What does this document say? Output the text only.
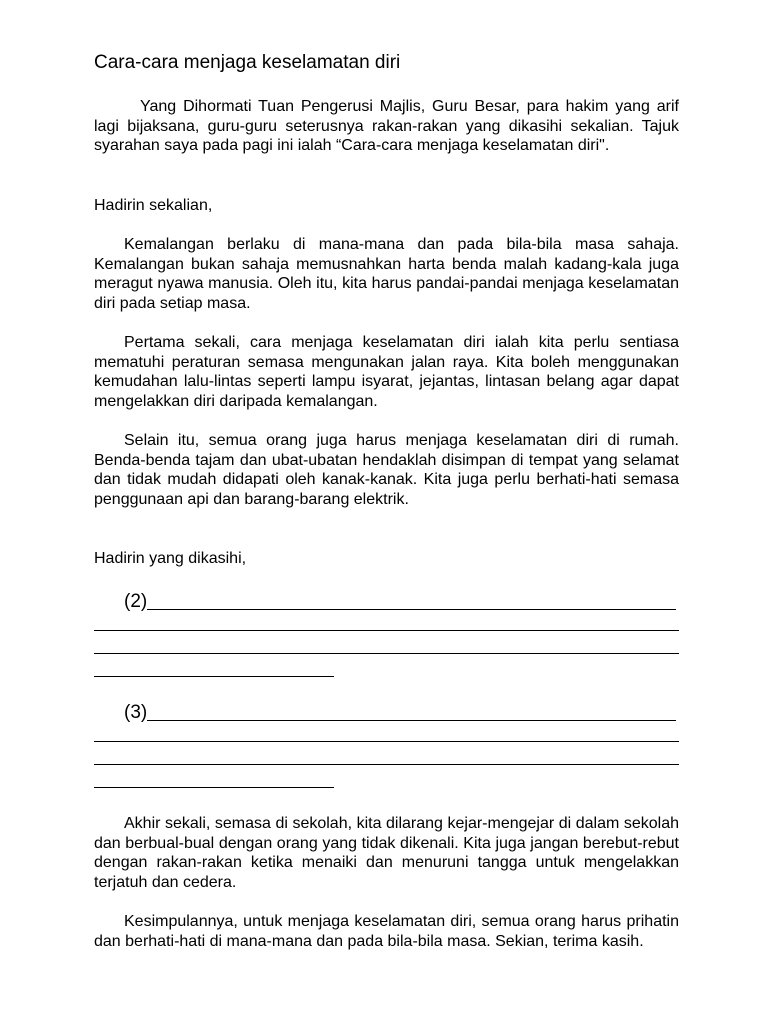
Cara-cara menjaga keselamatan diri

Yang Dihormati Tuan Pengerusi Majlis, Guru Besar, para hakim yang arif lagi bijaksana, guru-guru seterusnya rakan-rakan yang dikasihi sekalian. Tajuk syarahan saya pada pagi ini ialah “Cara-cara menjaga keselamatan diri".

Hadirin sekalian,

Kemalangan berlaku di mana-mana dan pada bila-bila masa sahaja. Kemalangan bukan sahaja memusnahkan harta benda malah kadang-kala juga meragut nyawa manusia. Oleh itu, kita harus pandai-pandai menjaga keselamatan diri pada setiap masa.

Pertama sekali, cara menjaga keselamatan diri ialah kita perlu sentiasa mematuhi peraturan semasa mengunakan jalan raya. Kita boleh menggunakan kemudahan lalu-lintas seperti lampu isyarat, jejantas, lintasan belang agar dapat mengelakkan diri daripada kemalangan.

Selain itu, semua orang juga harus menjaga keselamatan diri di rumah. Benda-benda tajam dan ubat-ubatan hendaklah disimpan di tempat yang selamat dan tidak mudah didapati oleh kanak-kanak. Kita juga perlu berhati-hati semasa penggunaan api dan barang-barang elektrik.

Hadirin yang dikasihi,

(2)
(3)

Akhir sekali, semasa di sekolah, kita dilarang kejar-mengejar di dalam sekolah dan berbual-bual dengan orang yang tidak dikenali. Kita juga jangan berebut-rebut dengan rakan-rakan ketika menaiki dan menuruni tangga untuk mengelakkan terjatuh dan cedera.

Kesimpulannya, untuk menjaga keselamatan diri, semua orang harus prihatin dan berhati-hati di mana-mana dan pada bila-bila masa. Sekian, terima kasih.
